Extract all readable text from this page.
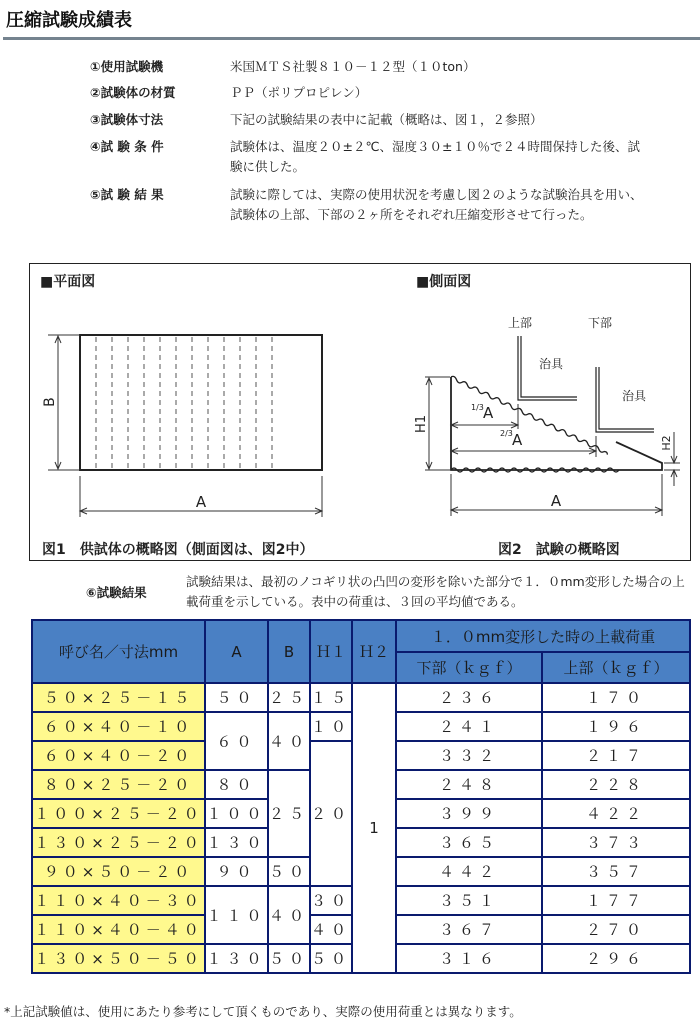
圧縮試験成績表
①使用試験機	米国ＭＴＳ社製８１０－１２型（１０ton）
②試験体の材質	ＰＰ（ポリプロピレン）
③試験体寸法	下記の試験結果の表中に記載（概略は、図１，２参照）
④試 験 条 件	試験体は、温度２０±２℃、湿度３０±１０％で２４時間保持した後、試験に供した。
⑤試 験 結 果	試験に際しては、実際の使用状況を考慮し図２のような試験治具を用い、試験体の上部、下部の２ヶ所をそれぞれ圧縮変形させて行った。
■平面図
B
A
図1　供試体の概略図（側面図は、図2中）
■側面図
上部	下部
治具
治具
H1
1/3 A
2/3 A	H2
A
図2　試験の概略図
⑥試験結果
試験結果は、最初のノコギリ状の凸凹の変形を除いた部分で１．０mm変形した場合の上載荷重を示している。表中の荷重は、３回の平均値である。
呼び名／寸法mm	A	B	Ｈ１	Ｈ２	１．０mm変形した時の上載荷重	
					下部（ｋｇｆ）	上部（ｋｇｆ）
５０×２５－１５	５０	２５	１５	1	２３６	１７０
６０×４０－１０	６０	４０	１０		２４１	１９６
６０×４０－２０			２０		３３２	２１７
８０×２５－２０	８０	２５			２４８	２２８
１００×２５－２０	１００				３９９	４２２
１３０×２５－２０	１３０				３６５	３７３
９０×５０－２０	９０	５０			４４２	３５７
１１０×４０－３０	１１０	４０	３０		３５１	１７７
１１０×４０－４０			４０		３６７	２７０
１３０×５０－５０	１３０	５０	５０		３１６	２９６
*上記試験値は、使用にあたり参考にして頂くものであり、実際の使用荷重とは異なります。
